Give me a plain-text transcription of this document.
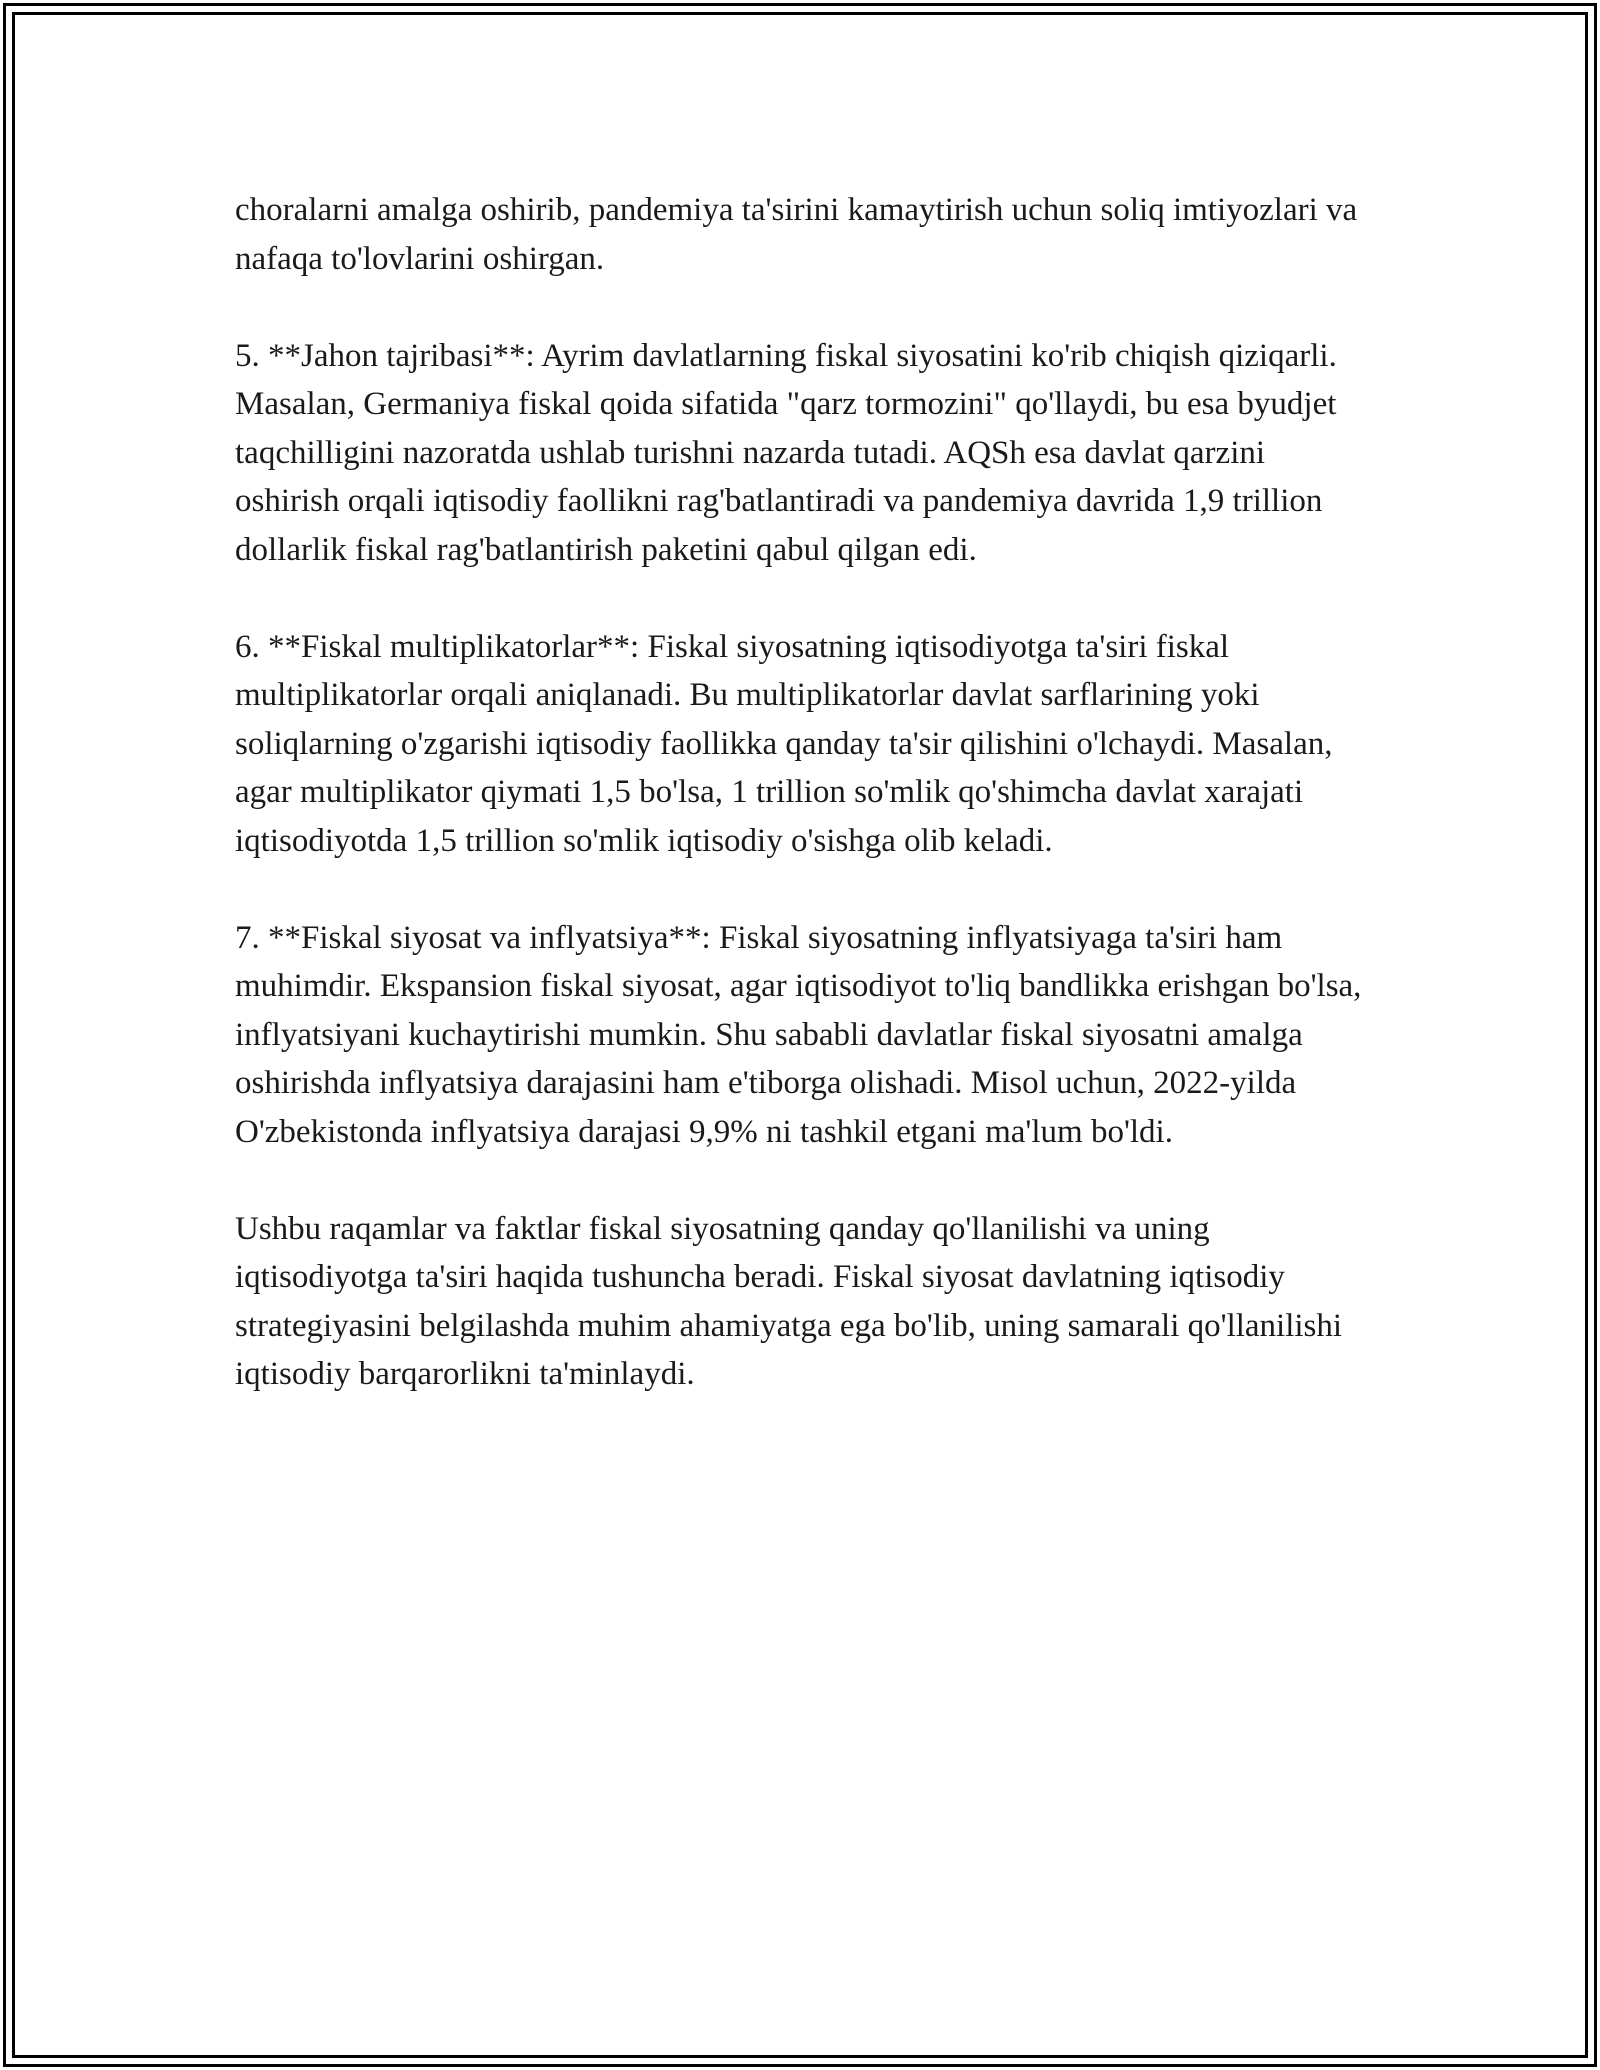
choralarni amalga oshirib, pandemiya ta'sirini kamaytirish uchun soliq imtiyozlari va nafaqa to'lovlarini oshirgan.

5. **Jahon tajribasi**: Ayrim davlatlarning fiskal siyosatini ko'rib chiqish qiziqarli. Masalan, Germaniya fiskal qoida sifatida "qarz tormozini" qo'llaydi, bu esa byudjet taqchilligini nazoratda ushlab turishni nazarda tutadi. AQSh esa davlat qarzini oshirish orqali iqtisodiy faollikni rag'batlantiradi va pandemiya davrida 1,9 trillion dollarlik fiskal rag'batlantirish paketini qabul qilgan edi.

6. **Fiskal multiplikatorlar**: Fiskal siyosatning iqtisodiyotga ta'siri fiskal multiplikatorlar orqali aniqlanadi. Bu multiplikatorlar davlat sarflarining yoki soliqlarning o'zgarishi iqtisodiy faollikka qanday ta'sir qilishini o'lchaydi. Masalan, agar multiplikator qiymati 1,5 bo'lsa, 1 trillion so'mlik qo'shimcha davlat xarajati iqtisodiyotda 1,5 trillion so'mlik iqtisodiy o'sishga olib keladi.

7. **Fiskal siyosat va inflyatsiya**: Fiskal siyosatning inflyatsiyaga ta'siri ham muhimdir. Ekspansion fiskal siyosat, agar iqtisodiyot to'liq bandlikka erishgan bo'lsa, inflyatsiyani kuchaytirishi mumkin. Shu sababli davlatlar fiskal siyosatni amalga oshirishda inflyatsiya darajasini ham e'tiborga olishadi. Misol uchun, 2022-yilda O'zbekistonda inflyatsiya darajasi 9,9% ni tashkil etgani ma'lum bo'ldi.

Ushbu raqamlar va faktlar fiskal siyosatning qanday qo'llanilishi va uning iqtisodiyotga ta'siri haqida tushuncha beradi. Fiskal siyosat davlatning iqtisodiy strategiyasini belgilashda muhim ahamiyatga ega bo'lib, uning samarali qo'llanilishi iqtisodiy barqarorlikni ta'minlaydi.
